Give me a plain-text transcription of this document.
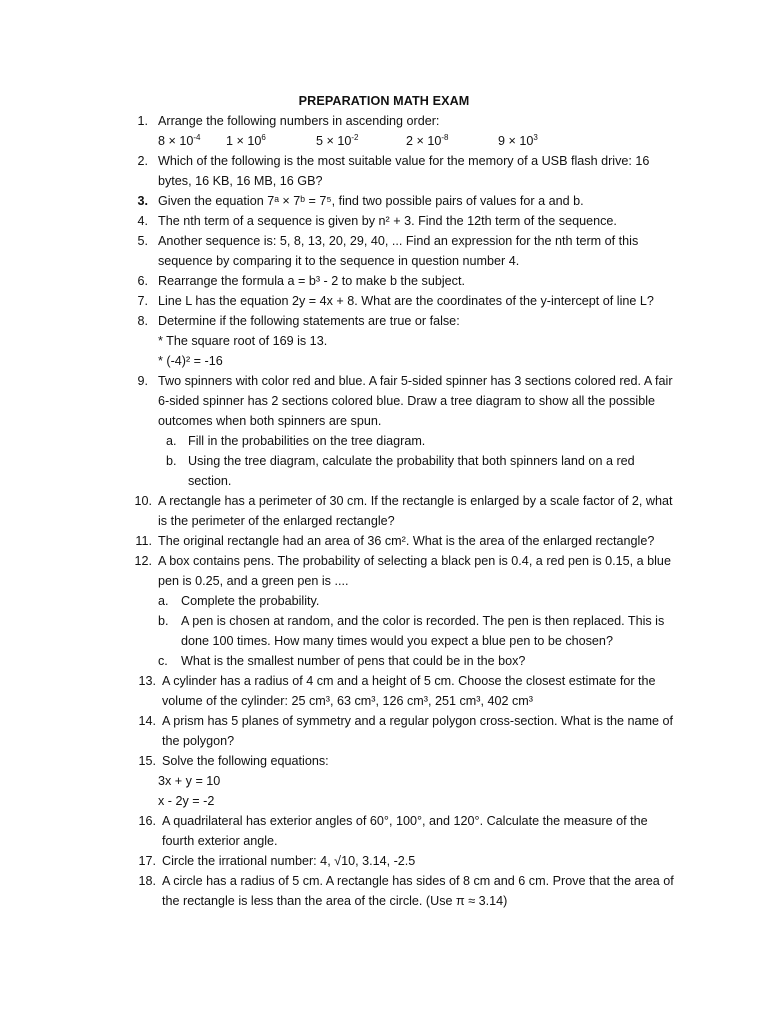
PREPARATION MATH EXAM
1. Arrange the following numbers in ascending order:
$8 \times 10^{-4}$ $1 \times 10^6$	$5 \times 10^{-2}$	$2 \times 10^{-8}$	$9 \times 10^3$
2. Which of the following is the most suitable value for the memory of a USB flash drive: 16
bytes, 16 KB, 16 MB, 16 GB?
3. Given the equation 7ᵃ × 7ᵇ = 7⁵, find two possible pairs of values for a and b.
4. The nth term of a sequence is given by n² + 3. Find the 12th term of the sequence.
5. Another sequence is: 5, 8, 13, 20, 29, 40, ... Find an expression for the nth term of this
sequence by comparing it to the sequence in question number 4.
6. Rearrange the formula a = b³ - 2 to make b the subject.
7. Line L has the equation 2y = 4x + 8. What are the coordinates of the y-intercept of line L?
8. Determine if the following statements are true or false:
* The square root of 169 is 13.
* (-4)² = -16
9. Two spinners with color red and blue. A fair 5-sided spinner has 3 sections colored red. A fair
6-sided spinner has 2 sections colored blue. Draw a tree diagram to show all the possible
outcomes when both spinners are spun.
a. Fill in the probabilities on the tree diagram.
b. Using the tree diagram, calculate the probability that both spinners land on a red
section.
10. A rectangle has a perimeter of 30 cm. If the rectangle is enlarged by a scale factor of 2, what
is the perimeter of the enlarged rectangle?
11. The original rectangle had an area of 36 cm². What is the area of the enlarged rectangle?
12. A box contains pens. The probability of selecting a black pen is 0.4, a red pen is 0.15, a blue
pen is 0.25, and a green pen is ....
a. Complete the probability.
b. A pen is chosen at random, and the color is recorded. The pen is then replaced. This is
done 100 times. How many times would you expect a blue pen to be chosen?
c.	What is the smallest number of pens that could be in the box?
13. A cylinder has a radius of 4 cm and a height of 5 cm. Choose the closest estimate for the
volume of the cylinder: 25 cm³, 63 cm³, 126 cm³, 251 cm³, 402 cm³
14. A prism has 5 planes of symmetry and a regular polygon cross-section. What is the name of
the polygon?
15. Solve the following equations:
3x + y = 10
x - 2y = -2
16. A quadrilateral has exterior angles of 60°, 100°, and 120°. Calculate the measure of the
fourth exterior angle.
17. Circle the irrational number: 4, √10, 3.14, -2.5
18. A circle has a radius of 5 cm. A rectangle has sides of 8 cm and 6 cm. Prove that the area of
the rectangle is less than the area of the circle. (Use π ≈ 3.14)
